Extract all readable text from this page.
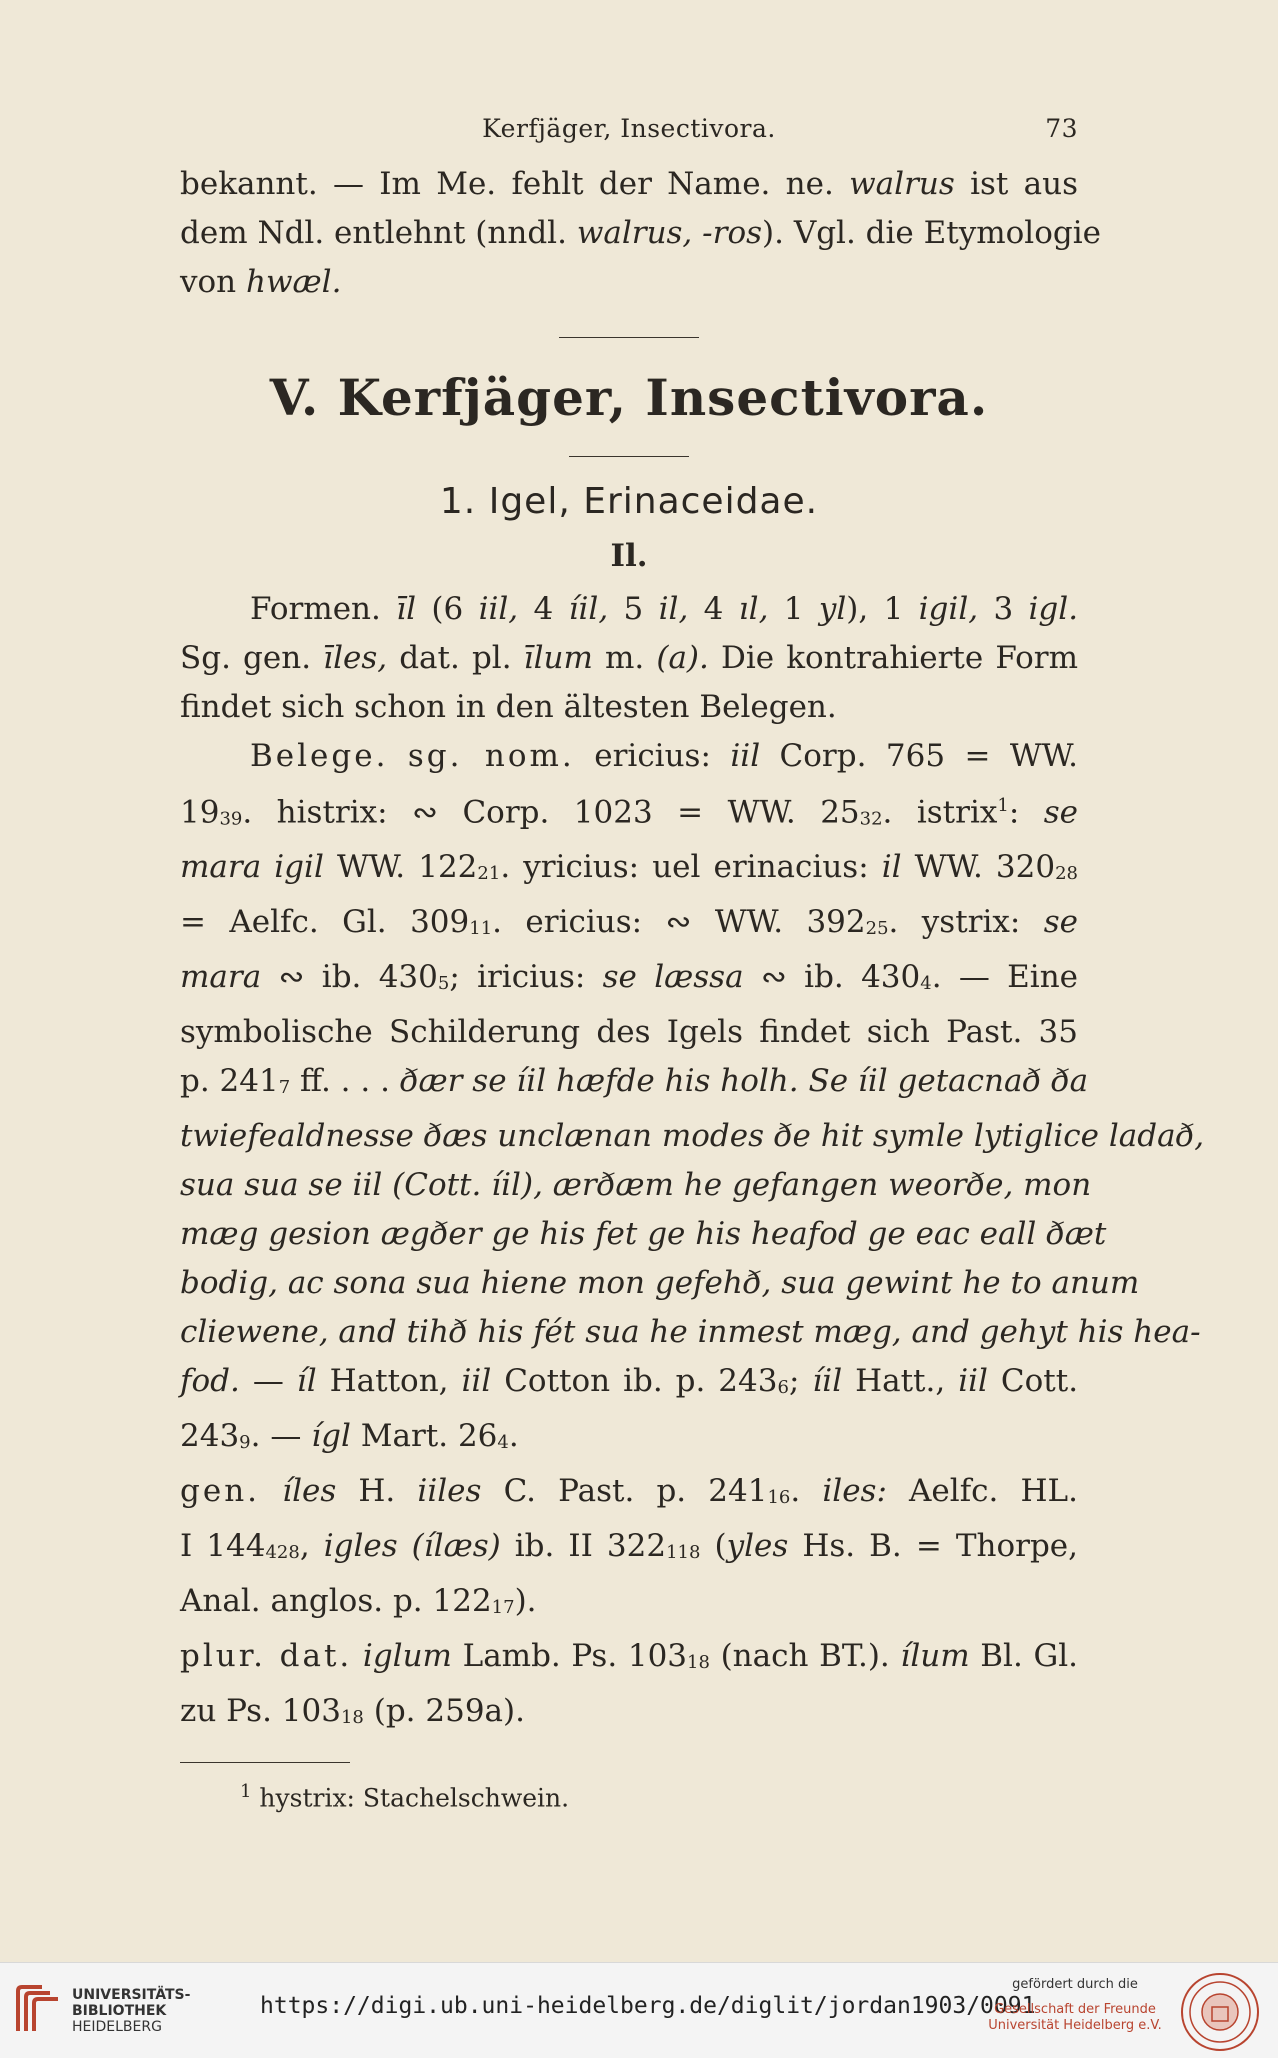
Kerfjäger, Insectivora.	73

bekannt. — Im Me. fehlt der Name. ne. walrus ist aus

dem Ndl. entlehnt (nndl. walrus, -ros). Vgl. die Etymologie

von hwæl.

V. Kerfjäger, Insectivora.
1. Igel, Erinaceidae.
Il.

Formen. īl (6 iil, 4 íil, 5 il, 4 ıl, 1 yl), 1 igil, 3 igl.

Sg. gen. īles, dat. pl. īlum m. (a). Die kontrahierte Form

findet sich schon in den ältesten Belegen.

Belege. sg. nom. ericius: iil Corp. 765 = WW.

$19_{39}$. histrix: ∾ Corp. 1023 = WW. $25_{32}$. istrix$^1$: se

mara igil WW. $122_{21}$. yricius: uel erinacius: il WW. $320_{28}$

= Aelfc. Gl. $309_{11}$. ericius: ∾ WW. $392_{25}$. ystrix: se

mara ∾ ib. $430_5$; iricius: se læssa ∾ ib. $430_4$. — Eine

symbolische Schilderung des Igels findet sich Past. 35

p. $241_7$ ff. . . . ðær se íil hæfde his holh. Se íil getacnað ða

twiefealdnesse ðæs unclænan modes ðe hit symle lytiglice ladað,

sua sua se iil (Cott. íil), ærðæm he gefangen weorðe, mon

mæg gesion ægðer ge his fet ge his heafod ge eac eall ðæt

bodig, ac sona sua hiene mon gefehð, sua gewint he to anum

cliewene, and tihð his fét sua he inmest mæg, and gehyt his hea-

fod. — íl Hatton, iil Cotton ib. p. $243_6$; íil Hatt., iil Cott.

$243_9$. — ígl Mart. $26_4$.

gen. íles H. iiles C. Past. p. $241_{16}$. iles: Aelfc. HL.

I $144_{428}$, igles (ílæs) ib. II $322_{118}$ (yles Hs. B. = Thorpe,

Anal. anglos. p. $122_{17}$).

plur. dat. iglum Lamb. Ps. $103_{18}$ (nach BT.). ílum Bl. Gl.

zu Ps. $103_{18}$ (p. 259a).

$^1$ hystrix: Stachelschwein.
UNIVERSITÄTS-
BIBLIOTHEK
HEIDELBERG
https://digi.ub.uni-heidelberg.de/diglit/jordan1903/0091
gefördert durch die
Gesellschaft der Freunde
Universität Heidelberg e.V.
